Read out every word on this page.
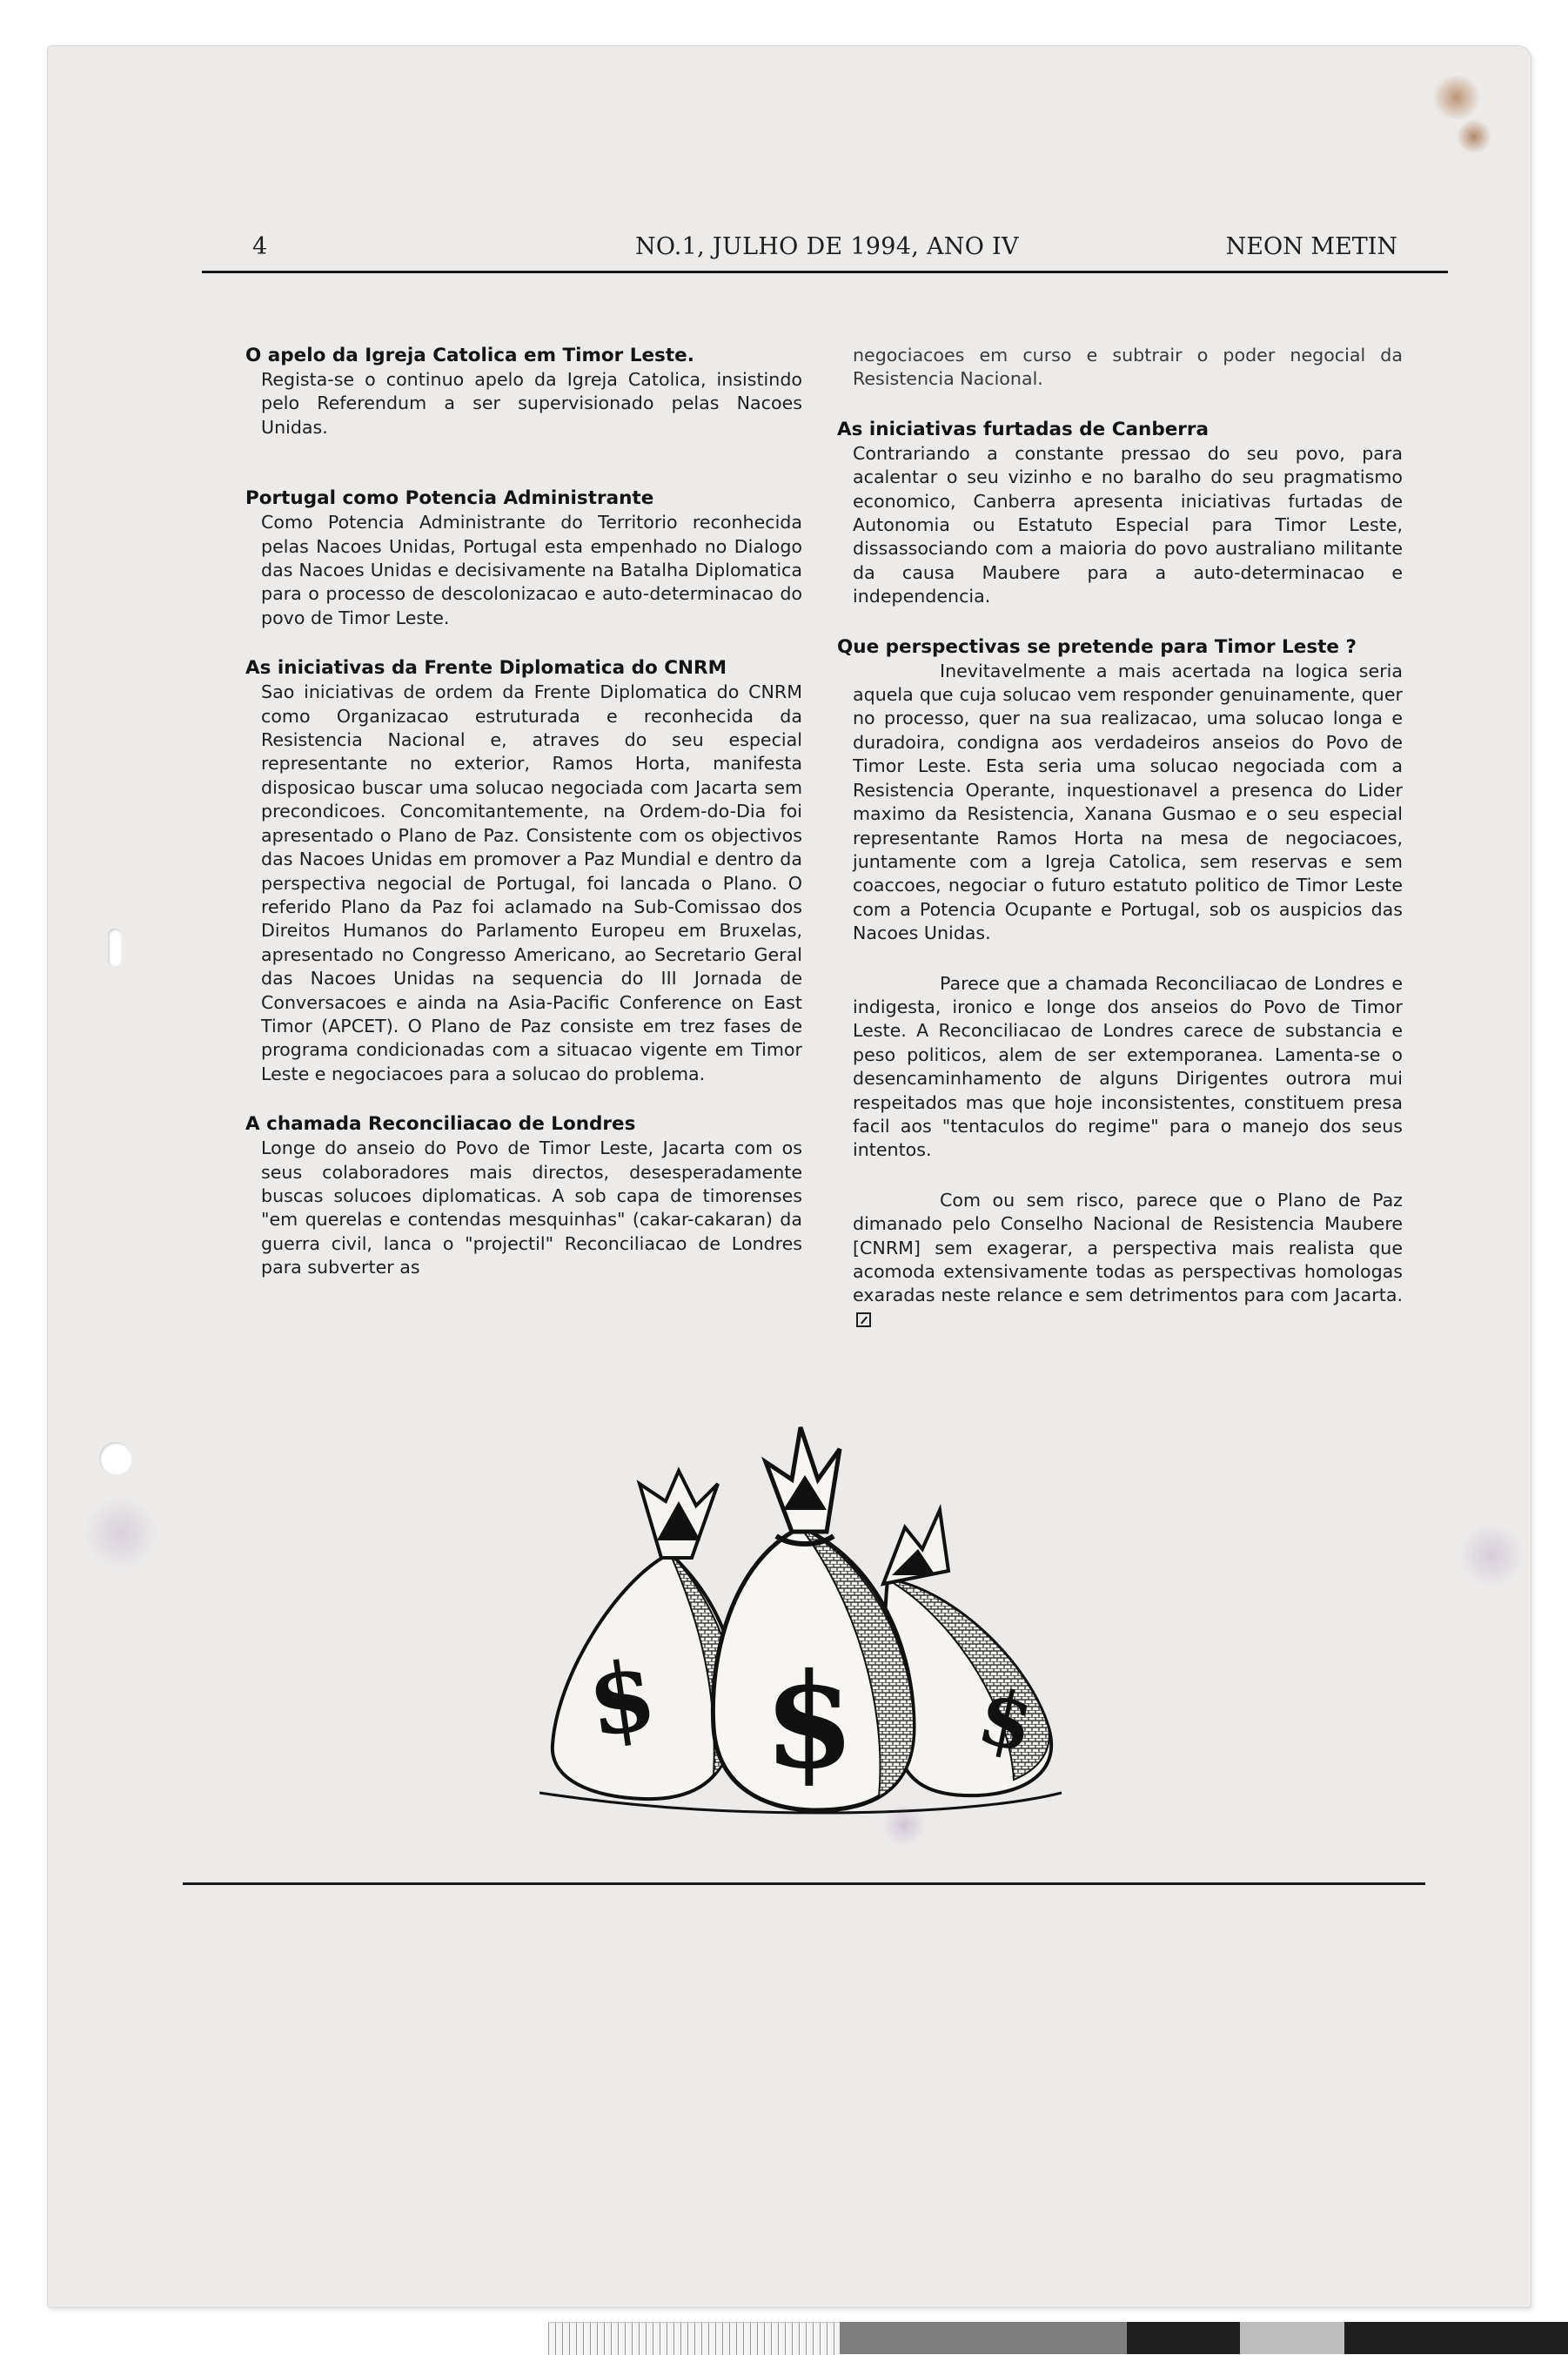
4	NO.1, JULHO DE 1994, ANO IV	NEON METIN
O apelo da Igreja Catolica em Timor Leste.

Regista-se o continuo apelo da Igreja Catolica, insistindo pelo Referendum a ser supervisionado pelas Nacoes Unidas.

Portugal como Potencia Administrante

Como Potencia Administrante do Territorio reconhecida pelas Nacoes Unidas, Portugal esta empenhado no Dialogo das Nacoes Unidas e decisivamente na Batalha Diplomatica para o processo de descolonizacao e auto-determinacao do povo de Timor Leste.

As iniciativas da Frente Diplomatica do CNRM

Sao iniciativas de ordem da Frente Diplomatica do CNRM como Organizacao estruturada e reconhecida da Resistencia Nacional e, atraves do seu especial representante no exterior, Ramos Horta, manifesta disposicao buscar uma solucao negociada com Jacarta sem precondicoes. Concomitantemente, na Ordem-do-Dia foi apresentado o Plano de Paz. Consistente com os objectivos das Nacoes Unidas em promover a Paz Mundial e dentro da perspectiva negocial de Portugal, foi lancada o Plano. O referido Plano da Paz foi aclamado na Sub-Comissao dos Direitos Humanos do Parlamento Europeu em Bruxelas, apresentado no Congresso Americano, ao Secretario Geral das Nacoes Unidas na sequencia do III Jornada de Conversacoes e ainda na Asia-Pacific Conference on East Timor (APCET). O Plano de Paz consiste em trez fases de programa condicionadas com a situacao vigente em Timor Leste e negociacoes para a solucao do problema.

A chamada Reconciliacao de Londres

Longe do anseio do Povo de Timor Leste, Jacarta com os seus colaboradores mais directos, desesperadamente buscas solucoes diplomaticas. A sob capa de timorenses "em querelas e contendas mesquinhas" (cakar-cakaran) da guerra civil, lanca o "projectil" Reconciliacao de Londres para subverter as

negociacoes em curso e subtrair o poder negocial da Resistencia Nacional.

As iniciativas furtadas de Canberra

Contrariando a constante pressao do seu povo, para acalentar o seu vizinho e no baralho do seu pragmatismo economico, Canberra apresenta iniciativas furtadas de Autonomia ou Estatuto Especial para Timor Leste, dissassociando com a maioria do povo australiano militante da causa Maubere para a auto-determinacao e independencia.

Que perspectivas se pretende para Timor Leste ?

Inevitavelmente a mais acertada na logica seria aquela que cuja solucao vem responder genuinamente, quer no processo, quer na sua realizacao, uma solucao longa e duradoira, condigna aos verdadeiros anseios do Povo de Timor Leste. Esta seria uma solucao negociada com a Resistencia Operante, inquestionavel a presenca do Lider maximo da Resistencia, Xanana Gusmao e o seu especial representante Ramos Horta na mesa de negociacoes, juntamente com a Igreja Catolica, sem reservas e sem coaccoes, negociar o futuro estatuto politico de Timor Leste com a Potencia Ocupante e Portugal, sob os auspicios das Nacoes Unidas.

Parece que a chamada Reconciliacao de Londres e indigesta, ironico e longe dos anseios do Povo de Timor Leste. A Reconciliacao de Londres carece de substancia e peso politicos, alem de ser extemporanea. Lamenta-se o desencaminhamento de alguns Dirigentes outrora mui respeitados mas que hoje inconsistentes, constituem presa facil aos "tentaculos do regime" para o manejo dos seus intentos.

Com ou sem risco, parece que o Plano de Paz dimanado pelo Conselho Nacional de Resistencia Maubere [CNRM] sem exagerar, a perspectiva mais realista que acomoda extensivamente todas as perspectivas homologas exaradas neste relance e sem detrimentos para com Jacarta.

$
$ $
